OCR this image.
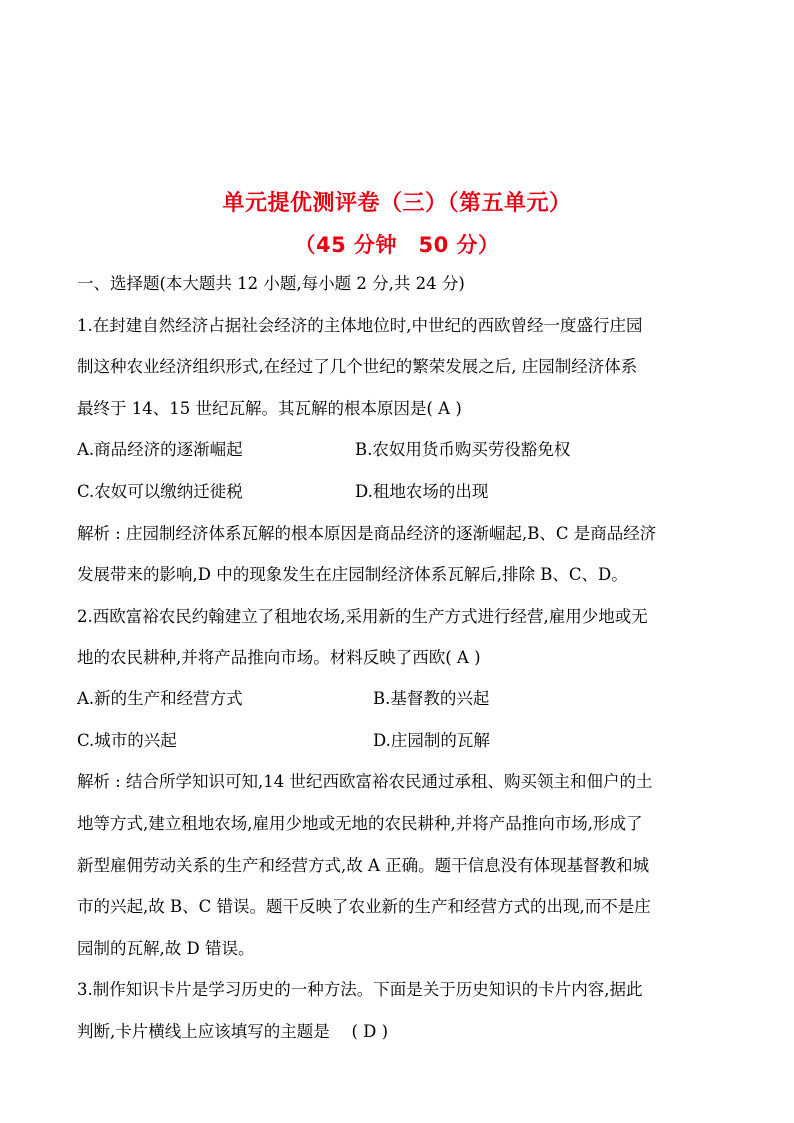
单元提优测评卷（三）（第五单元）
（45 分钟　50 分）
一、选择题(本大题共 12 小题,每小题 2 分,共 24 分)
1.在封建自然经济占据社会经济的主体地位时,中世纪的西欧曾经一度盛行庄园
制这种农业经济组织形式,在经过了几个世纪的繁荣发展之后, 庄园制经济体系
最终于 14、15 世纪瓦解。其瓦解的根本原因是( A )
A.商品经济的逐渐崛起	B.农奴用货币购买劳役豁免权
C.农奴可以缴纳迁徙税	D.租地农场的出现
解析 : 庄园制经济体系瓦解的根本原因是商品经济的逐渐崛起,B、C 是商品经济
发展带来的影响,D 中的现象发生在庄园制经济体系瓦解后,排除 B、C、D。
2.西欧富裕农民约翰建立了租地农场,采用新的生产方式进行经营,雇用少地或无
地的农民耕种,并将产品推向市场。材料反映了西欧( A )
A.新的生产和经营方式	B.基督教的兴起
C.城市的兴起	D.庄园制的瓦解
解析 : 结合所学知识可知,14 世纪西欧富裕农民通过承租、购买领主和佃户的土
地等方式,建立租地农场,雇用少地或无地的农民耕种,并将产品推向市场,形成了
新型雇佣劳动关系的生产和经营方式,故 A 正确。题干信息没有体现基督教和城
市的兴起,故 B、C 错误。题干反映了农业新的生产和经营方式的出现,而不是庄
园制的瓦解,故 D 错误。
3.制作知识卡片是学习历史的一种方法。下面是关于历史知识的卡片内容,据此
判断,卡片横线上应该填写的主题是　 ( D )
